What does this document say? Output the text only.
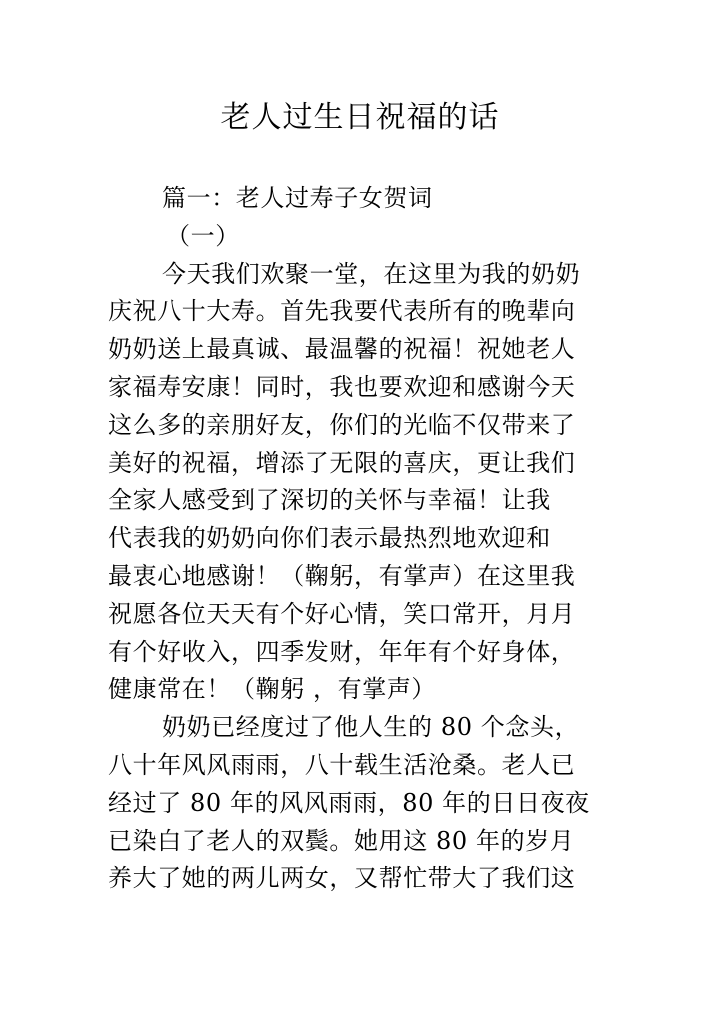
老人过生日祝福的话
篇一：老人过寿子女贺词
（一）
今天我们欢聚一堂，在这里为我的奶奶
庆祝八十大寿。首先我要代表所有的晚辈向
奶奶送上最真诚、最温馨的祝福！祝她老人
家福寿安康！同时，我也要欢迎和感谢今天
这么多的亲朋好友，你们的光临不仅带来了
美好的祝福，增添了无限的喜庆，更让我们
全家人感受到了深切的关怀与幸福！让我
代表我的奶奶向你们表示最热烈地欢迎和
最衷心地感谢！（鞠躬，有掌声）在这里我
祝愿各位天天有个好心情，笑口常开，月月
有个好收入，四季发财，年年有个好身体，
健康常在！（鞠躬 ，有掌声）
奶奶已经度过了他人生的 80 个念头，
八十年风风雨雨，八十载生活沧桑。老人已
经过了 80 年的风风雨雨，80 年的日日夜夜
已染白了老人的双鬓。她用这 80 年的岁月
养大了她的两儿两女，又帮忙带大了我们这
